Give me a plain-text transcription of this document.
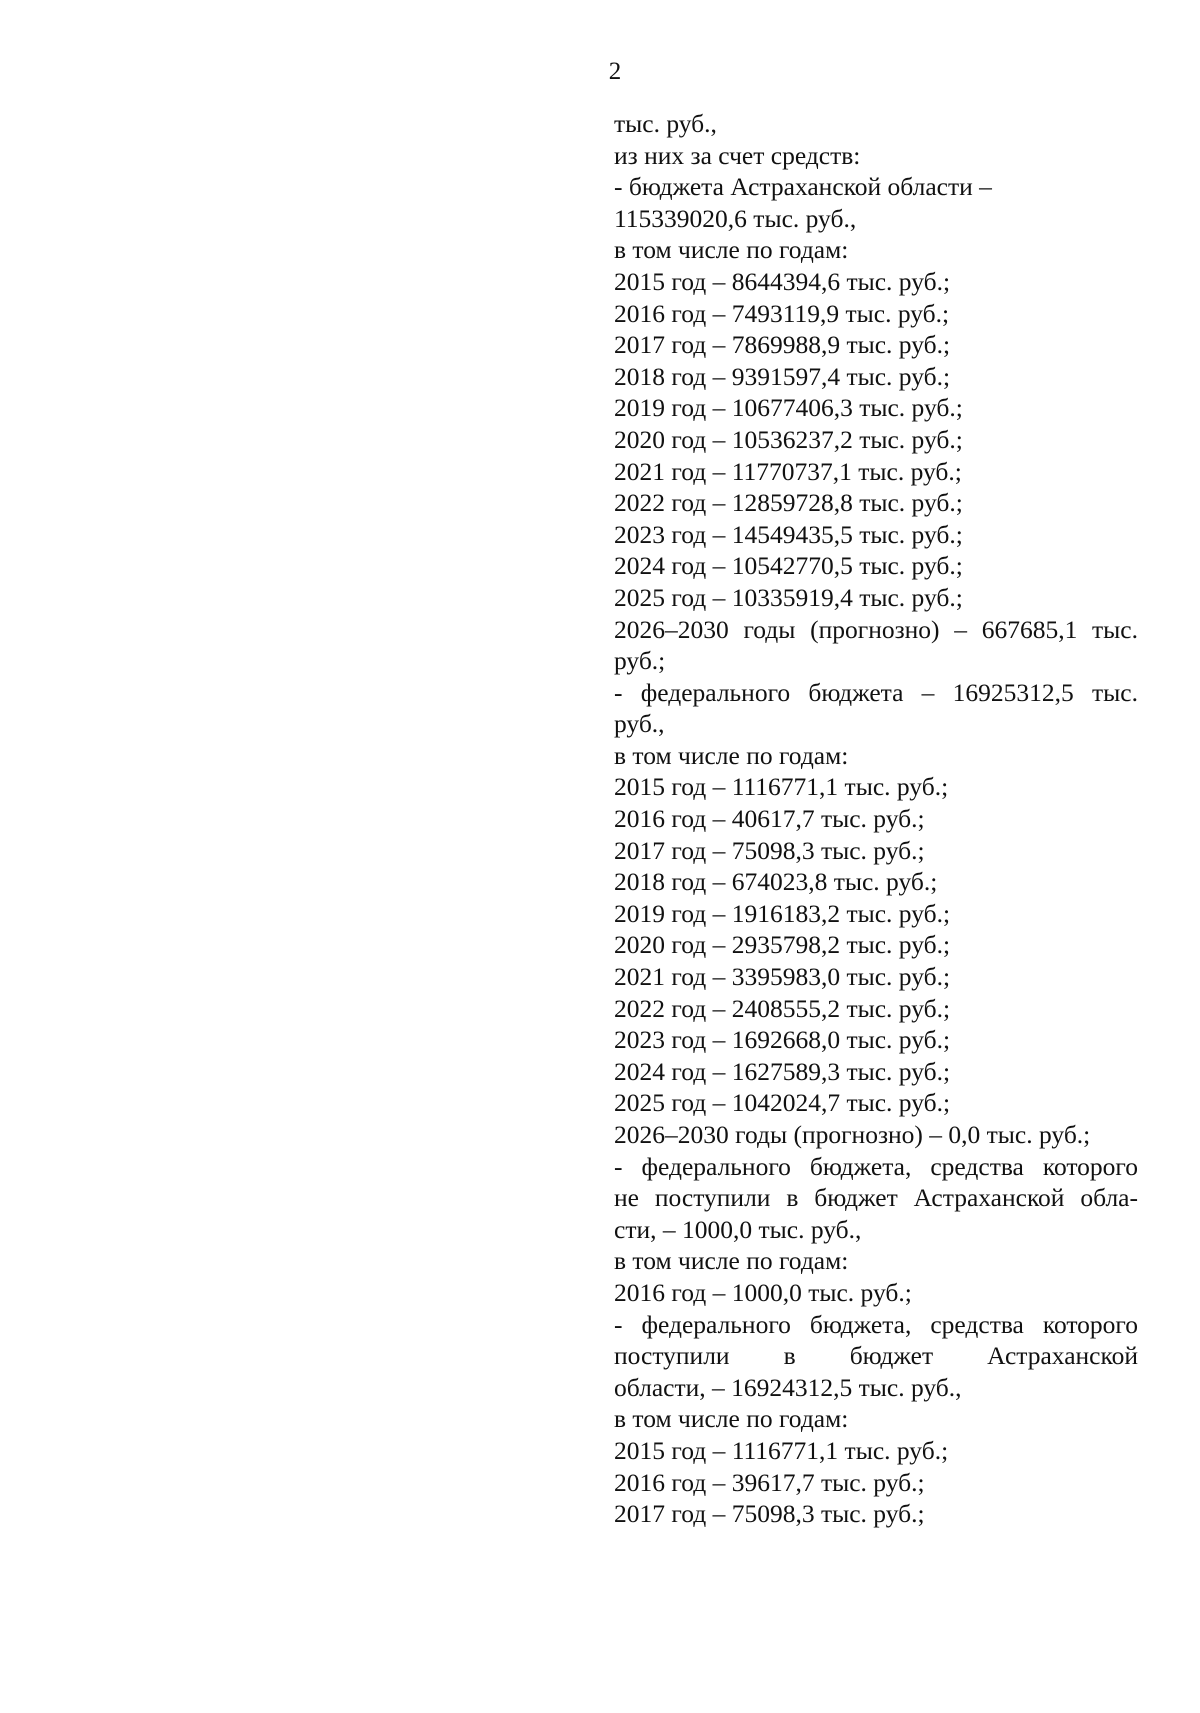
2
тыс. руб.,
из них за счет средств:
- бюджета Астраханской области –
115339020,6 тыс. руб.,
в том числе по годам:
2015 год – 8644394,6 тыс. руб.;
2016 год – 7493119,9 тыс. руб.;
2017 год – 7869988,9 тыс. руб.;
2018 год – 9391597,4 тыс. руб.;
2019 год – 10677406,3 тыс. руб.;
2020 год – 10536237,2 тыс. руб.;
2021 год – 11770737,1 тыс. руб.;
2022 год – 12859728,8 тыс. руб.;
2023 год – 14549435,5 тыс. руб.;
2024 год – 10542770,5 тыс. руб.;
2025 год – 10335919,4 тыс. руб.;
2026–2030 годы (прогнозно) – 667685,1 тыс.
руб.;
- федерального бюджета – 16925312,5 тыс.
руб.,
в том числе по годам:
2015 год – 1116771,1 тыс. руб.;
2016 год – 40617,7 тыс. руб.;
2017 год – 75098,3 тыс. руб.;
2018 год – 674023,8 тыс. руб.;
2019 год – 1916183,2 тыс. руб.;
2020 год – 2935798,2 тыс. руб.;
2021 год – 3395983,0 тыс. руб.;
2022 год – 2408555,2 тыс. руб.;
2023 год – 1692668,0 тыс. руб.;
2024 год – 1627589,3 тыс. руб.;
2025 год – 1042024,7 тыс. руб.;
2026–2030 годы (прогнозно) – 0,0 тыс. руб.;
- федерального бюджета, средства которого
не поступили в бюджет Астраханской обла-
сти, – 1000,0 тыс. руб.,
в том числе по годам:
2016 год – 1000,0 тыс. руб.;
- федерального бюджета, средства которого
поступили в бюджет Астраханской
области, – 16924312,5 тыс. руб.,
в том числе по годам:
2015 год – 1116771,1 тыс. руб.;
2016 год – 39617,7 тыс. руб.;
2017 год – 75098,3 тыс. руб.;
